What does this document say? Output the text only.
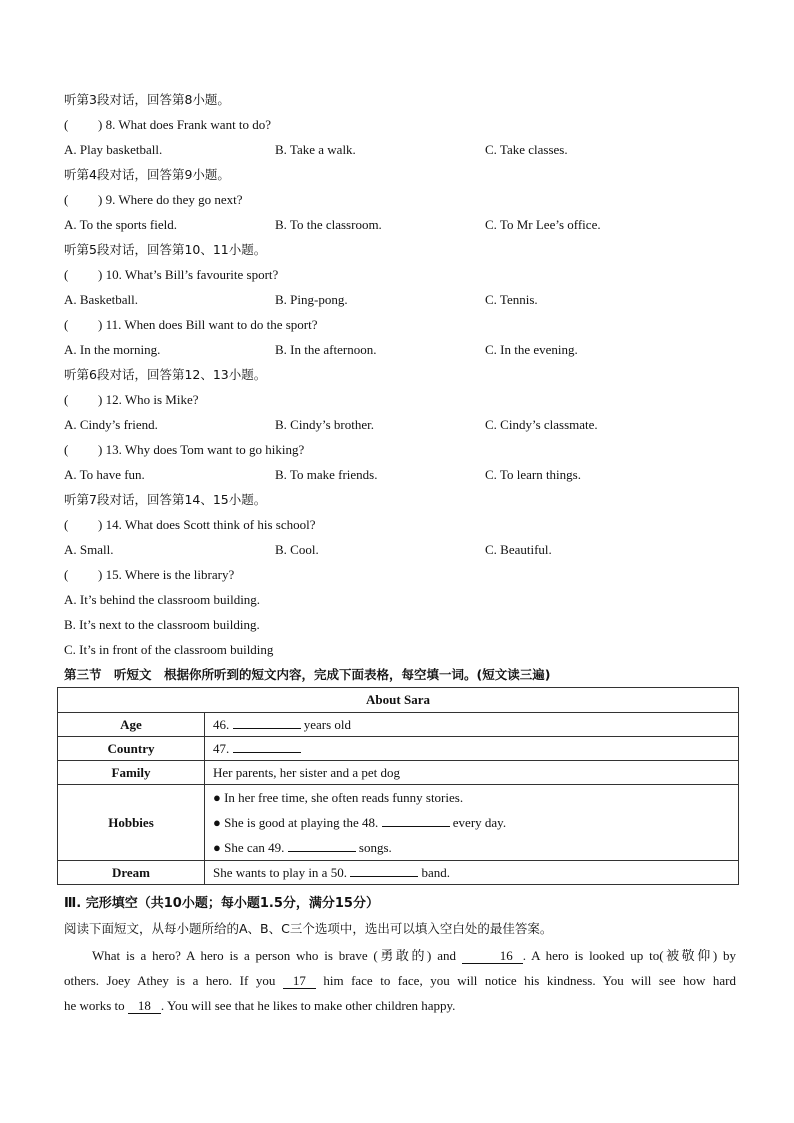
听第3段对话，回答第8小题。
( ) 8. What does Frank want to do?
A. Play basketball.	B. Take a walk.	C. Take classes.
听第4段对话，回答第9小题。
( ) 9. Where do they go next?
A. To the sports field.	B. To the classroom.	C. To Mr Lee’s office.
听第5段对话，回答第10、11小题。
( ) 10. What’s Bill’s favourite sport?
A. Basketball.	B. Ping-pong.	C. Tennis.
( ) 11. When does Bill want to do the sport?
A. In the morning.	B. In the afternoon.	C. In the evening.
听第6段对话，回答第12、13小题。
( ) 12. Who is Mike?
A. Cindy’s friend.	B. Cindy’s brother.	C. Cindy’s classmate.
( ) 13. Why does Tom want to go hiking?
A. To have fun.	B. To make friends.	C. To learn things.
听第7段对话，回答第14、15小题。
( ) 14. What does Scott think of his school?
A. Small.	B. Cool.	C. Beautiful.
( ) 15. Where is the library?
A. It’s behind the classroom building.
B. It’s next to the classroom building.
C. It’s in front of the classroom building
第三节　听短文　根据你所听到的短文内容，完成下面表格，每空填一词。(短文读三遍)
About Sara	
Age	46. years old
Country	47.
Family	Her parents, her sister and a pet dog
Hobbies	● In her free time, she often reads funny stories.
● She is good at playing the 48. every day.
● She can 49. songs.

Dream	She wants to play in a 50. band.
Ⅲ. 完形填空（共10小题；每小题1.5分，满分15分）
阅读下面短文，从每小题所给的A、B、C三个选项中，选出可以填入空白处的最佳答案。

What is a hero? A hero is a person who is brave (勇敢的) and	16 . A hero is looked up to(被敬仰) by

others. Joey Athey is a hero. If you 17 him face to face, you will notice his kindness. You will see how hard

he works to 18 . You will see that he likes to make other children happy.
